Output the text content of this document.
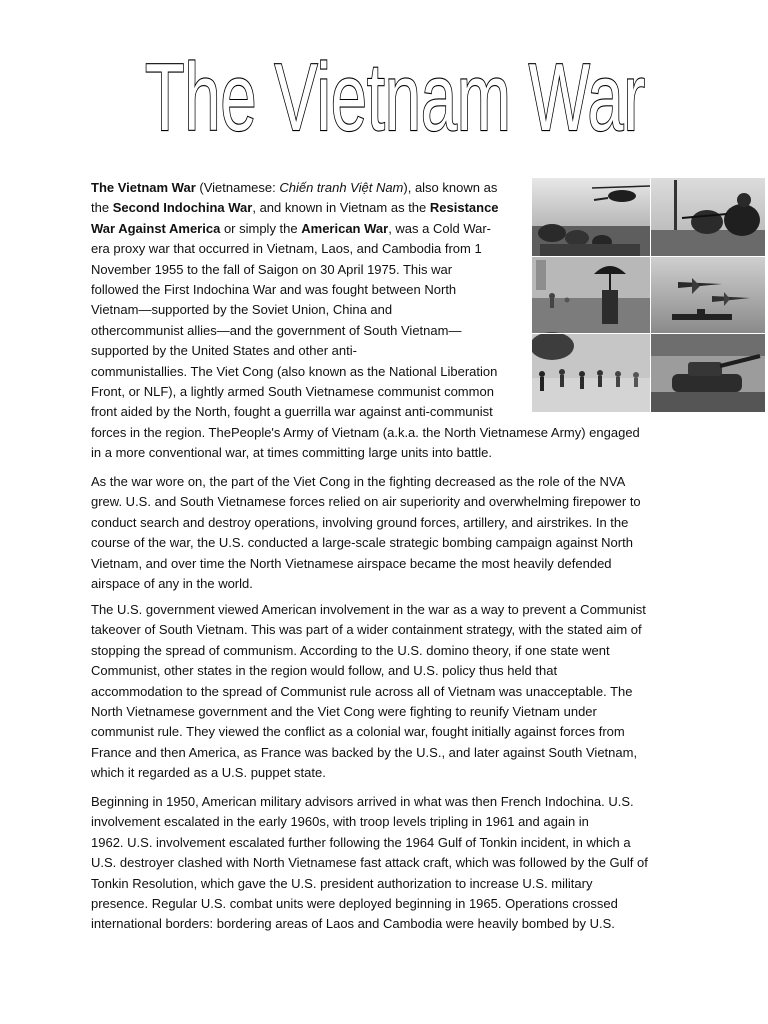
The Vietnam War
The Vietnam War (Vietnamese: Chiến tranh Việt Nam), also known as
the Second Indochina War, and known in Vietnam as the Resistance
War Against America or simply the American War, was a Cold War-
era proxy war that occurred in Vietnam, Laos, and Cambodia from 1
November 1955 to the fall of Saigon on 30 April 1975. This war
followed the First Indochina War and was fought between North
Vietnam—supported by the Soviet Union, China and
othercommunist allies—and the government of South Vietnam—
supported by the United States and other anti-
communistallies. The Viet Cong (also known as the National Liberation
Front, or NLF), a lightly armed South Vietnamese communist common
front aided by the North, fought a guerrilla war against anti-communist
forces in the region. ThePeople's Army of Vietnam (a.k.a. the North Vietnamese Army) engaged
in a more conventional war, at times committing large units into battle.
As the war wore on, the part of the Viet Cong in the fighting decreased as the role of the NVA
grew. U.S. and South Vietnamese forces relied on air superiority and overwhelming firepower to
conduct search and destroy operations, involving ground forces, artillery, and airstrikes. In the
course of the war, the U.S. conducted a large-scale strategic bombing campaign against North
Vietnam, and over time the North Vietnamese airspace became the most heavily defended
airspace of any in the world.
The U.S. government viewed American involvement in the war as a way to prevent a Communist
takeover of South Vietnam. This was part of a wider containment strategy, with the stated aim of
stopping the spread of communism. According to the U.S. domino theory, if one state went
Communist, other states in the region would follow, and U.S. policy thus held that
accommodation to the spread of Communist rule across all of Vietnam was unacceptable. The
North Vietnamese government and the Viet Cong were fighting to reunify Vietnam under
communist rule. They viewed the conflict as a colonial war, fought initially against forces from
France and then America, as France was backed by the U.S., and later against South Vietnam,
which it regarded as a U.S. puppet state.
Beginning in 1950, American military advisors arrived in what was then French Indochina. U.S.
involvement escalated in the early 1960s, with troop levels tripling in 1961 and again in
1962. U.S. involvement escalated further following the 1964 Gulf of Tonkin incident, in which a
U.S. destroyer clashed with North Vietnamese fast attack craft, which was followed by the Gulf of
Tonkin Resolution, which gave the U.S. president authorization to increase U.S. military
presence. Regular U.S. combat units were deployed beginning in 1965. Operations crossed
international borders: bordering areas of Laos and Cambodia were heavily bombed by U.S.
